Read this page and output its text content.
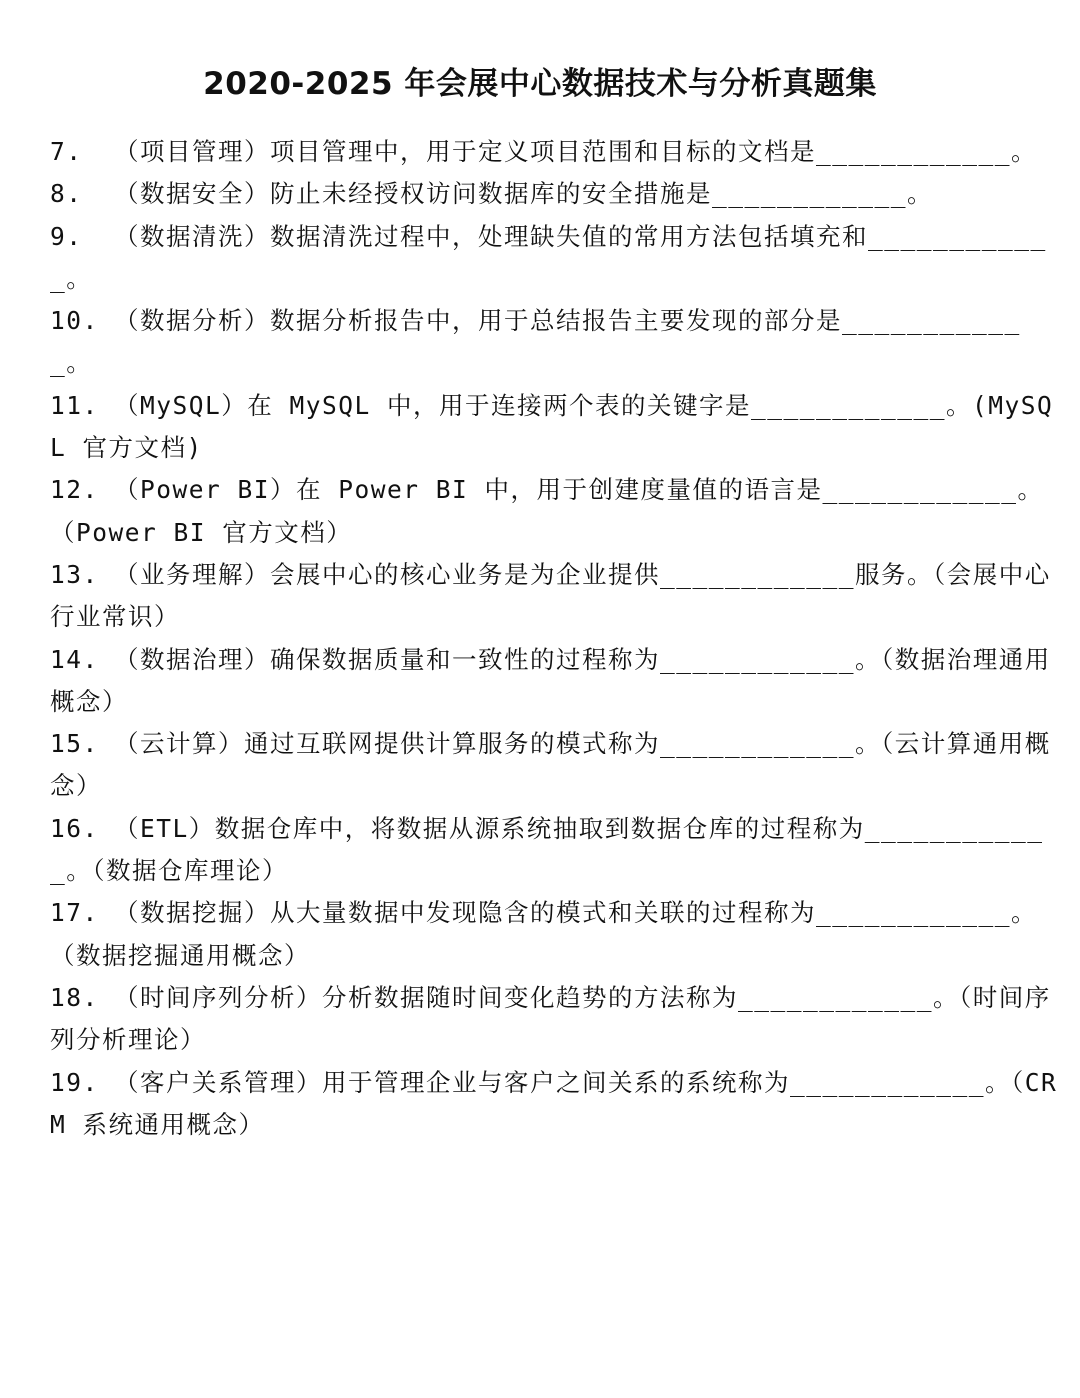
2020-2025 年会展中心数据技术与分析真题集
7. （项目管理）项目管理中，用于定义项目范围和目标的文档是____________。
8. （数据安全）防止未经授权访问数据库的安全措施是____________。
9. （数据清洗）数据清洗过程中，处理缺失值的常用方法包括填充和____________。
10. （数据分析）数据分析报告中，用于总结报告主要发现的部分是____________。
11. （MySQL）在 MySQL 中，用于连接两个表的关键字是____________。(MySQL 官方文档)
12. （Power BI）在 Power BI 中，用于创建度量值的语言是____________。（Power BI 官方文档）
13. （业务理解）会展中心的核心业务是为企业提供____________服务。（会展中心行业常识）
14. （数据治理）确保数据质量和一致性的过程称为____________。（数据治理通用概念）
15. （云计算）通过互联网提供计算服务的模式称为____________。（云计算通用概念）
16. （ETL）数据仓库中，将数据从源系统抽取到数据仓库的过程称为____________。（数据仓库理论）
17. （数据挖掘）从大量数据中发现隐含的模式和关联的过程称为____________。（数据挖掘通用概念）
18. （时间序列分析）分析数据随时间变化趋势的方法称为____________。（时间序列分析理论）
19. （客户关系管理）用于管理企业与客户之间关系的系统称为____________。（CRM 系统通用概念）
